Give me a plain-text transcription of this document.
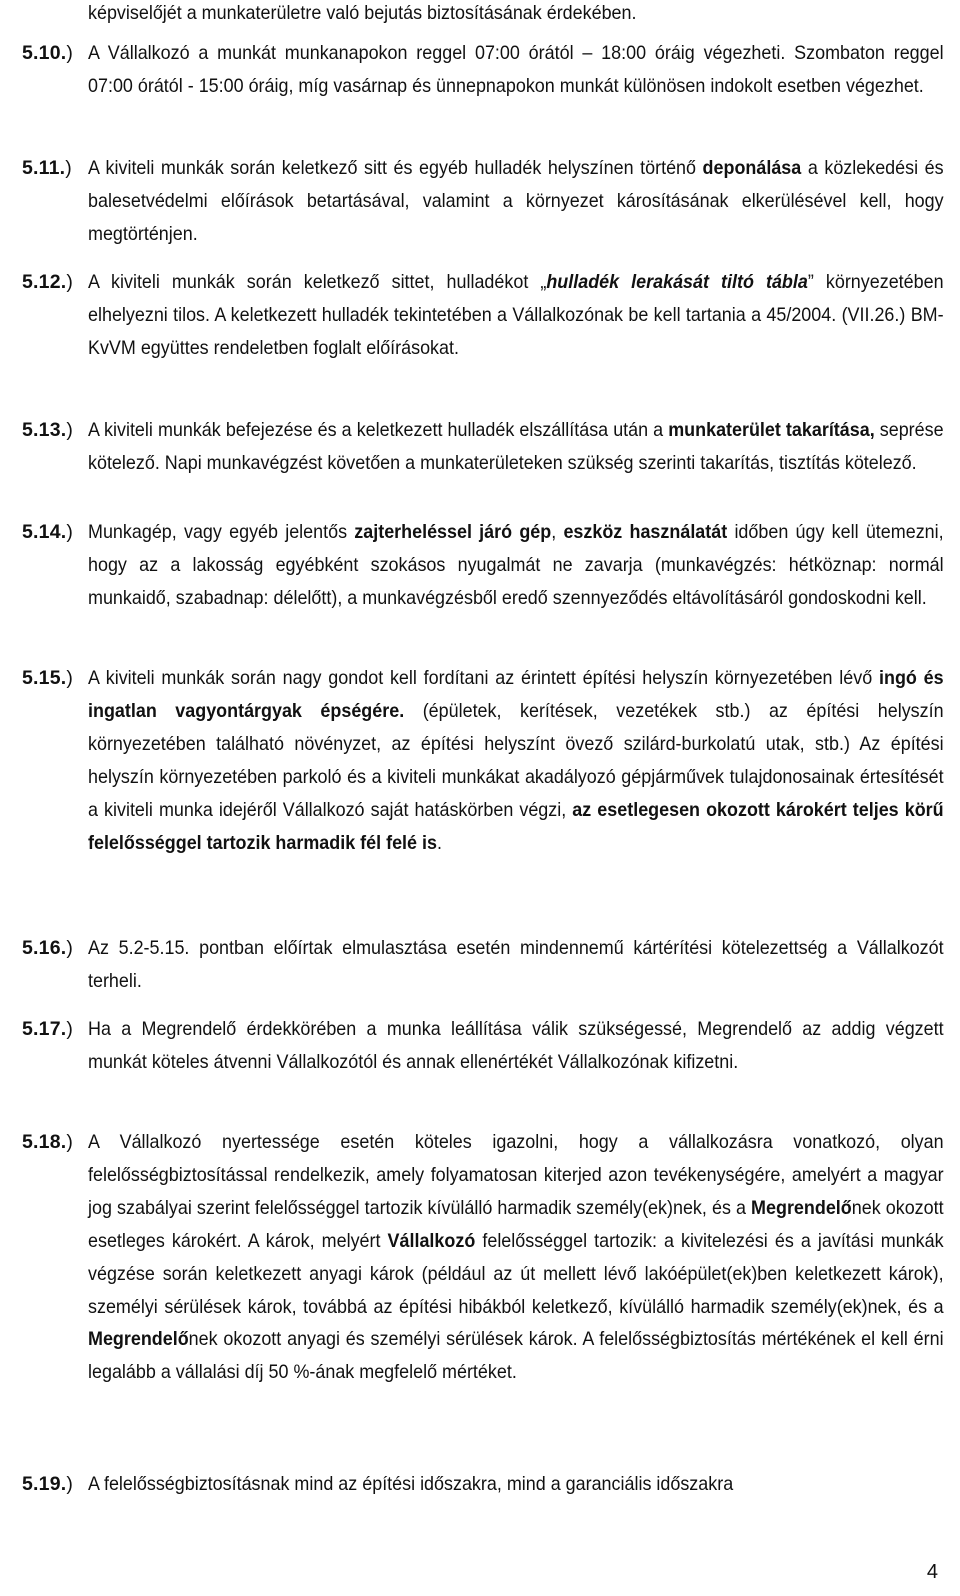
képviselőjét a munkaterületre való bejutás biztosításának érdekében.
5.10.) A Vállalkozó a munkát munkanapokon reggel 07:00 órától – 18:00 óráig végezheti. Szombaton reggel 07:00 órától - 15:00 óráig, míg vasárnap és ünnepnapokon munkát különösen indokolt esetben végezhet.
5.11.) A kiviteli munkák során keletkező sitt és egyéb hulladék helyszínen történő deponálása a közlekedési és balesetvédelmi előírások betartásával, valamint a környezet károsításának elkerülésével kell, hogy megtörténjen.
5.12.) A kiviteli munkák során keletkező sittet, hulladékot „hulladék lerakását tiltó tábla” környezetében elhelyezni tilos. A keletkezett hulladék tekintetében a Vállalkozónak be kell tartania a 45/2004. (VII.26.) BM-KvVM együttes rendeletben foglalt előírásokat.
5.13.) A kiviteli munkák befejezése és a keletkezett hulladék elszállítása után a munkaterület takarítása, seprése kötelező. Napi munkavégzést követően a munkaterületeken szükség szerinti takarítás, tisztítás kötelező.
5.14.) Munkagép, vagy egyéb jelentős zajterheléssel járó gép, eszköz használatát időben úgy kell ütemezni, hogy az a lakosság egyébként szokásos nyugalmát ne zavarja (munkavégzés: hétköznap: normál munkaidő, szabadnap: délelőtt), a munkavégzésből eredő szennyeződés eltávolításáról gondoskodni kell.
5.15.) A kiviteli munkák során nagy gondot kell fordítani az érintett építési helyszín környezetében lévő ingó és ingatlan vagyontárgyak épségére. (épületek, kerítések, vezetékek stb.) az építési helyszín környezetében található növényzet, az építési helyszínt övező szilárd-burkolatú utak, stb.) Az építési helyszín környezetében parkoló és a kiviteli munkákat akadályozó gépjárművek tulajdonosainak értesítését a kiviteli munka idejéről Vállalkozó saját hatáskörben végzi, az esetlegesen okozott károkért teljes körű felelősséggel tartozik harmadik fél felé is.
5.16.) Az 5.2-5.15. pontban előírtak elmulasztása esetén mindennemű kártérítési kötelezettség a Vállalkozót terheli.
5.17.) Ha a Megrendelő érdekkörében a munka leállítása válik szükségessé, Megrendelő az addig végzett munkát köteles átvenni Vállalkozótól és annak ellenértékét Vállalkozónak kifizetni.
5.18.) A Vállalkozó nyertessége esetén köteles igazolni, hogy a vállalkozásra vonatkozó, olyan felelősségbiztosítással rendelkezik, amely folyamatosan kiterjed azon tevékenységére, amelyért a magyar jog szabályai szerint felelősséggel tartozik kívülálló harmadik személy(ek)nek, és a Megrendelőnek okozott esetleges károkért. A károk, melyért Vállalkozó felelősséggel tartozik: a kivitelezési és a javítási munkák végzése során keletkezett anyagi károk (például az út mellett lévő lakóépület(ek)ben keletkezett károk), személyi sérülések károk, továbbá az építési hibákból keletkező, kívülálló harmadik személy(ek)nek, és a Megrendelőnek okozott anyagi és személyi sérülések károk. A felelősségbiztosítás mértékének el kell érni legalább a vállalási díj 50 %-ának megfelelő mértéket.
5.19.) A felelősségbiztosításnak mind az építési időszakra, mind a garanciális időszakra
4
